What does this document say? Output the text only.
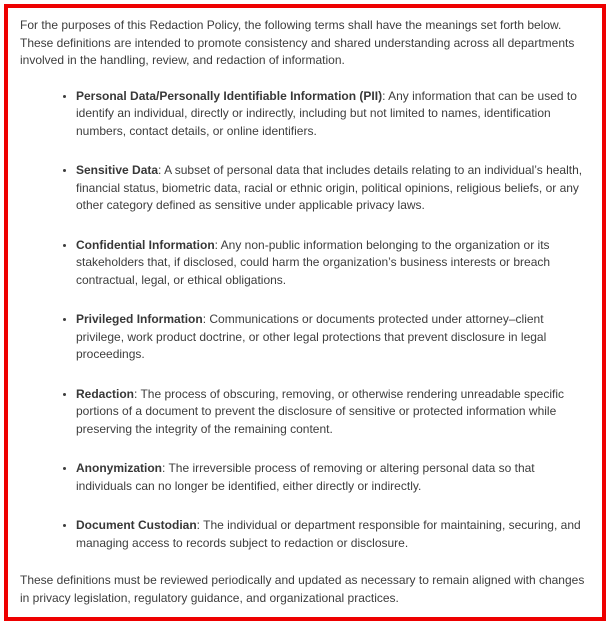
For the purposes of this Redaction Policy, the following terms shall have the meanings set forth below. These definitions are intended to promote consistency and shared understanding across all departments involved in the handling, review, and redaction of information.

• Personal Data/Personally Identifiable Information (PII): Any information that can be used to identify an individual, directly or indirectly, including but not limited to names, identification numbers, contact details, or online identifiers.
• Sensitive Data: A subset of personal data that includes details relating to an individual’s health, financial status, biometric data, racial or ethnic origin, political opinions, religious beliefs, or any other category defined as sensitive under applicable privacy laws.
• Confidential Information: Any non-public information belonging to the organization or its stakeholders that, if disclosed, could harm the organization’s business interests or breach contractual, legal, or ethical obligations.
• Privileged Information: Communications or documents protected under attorney–client privilege, work product doctrine, or other legal protections that prevent disclosure in legal proceedings.
• Redaction: The process of obscuring, removing, or otherwise rendering unreadable specific portions of a document to prevent the disclosure of sensitive or protected information while preserving the integrity of the remaining content.
• Anonymization: The irreversible process of removing or altering personal data so that individuals can no longer be identified, either directly or indirectly.
• Document Custodian: The individual or department responsible for maintaining, securing, and managing access to records subject to redaction or disclosure.

These definitions must be reviewed periodically and updated as necessary to remain aligned with changes in privacy legislation, regulatory guidance, and organizational practices.
